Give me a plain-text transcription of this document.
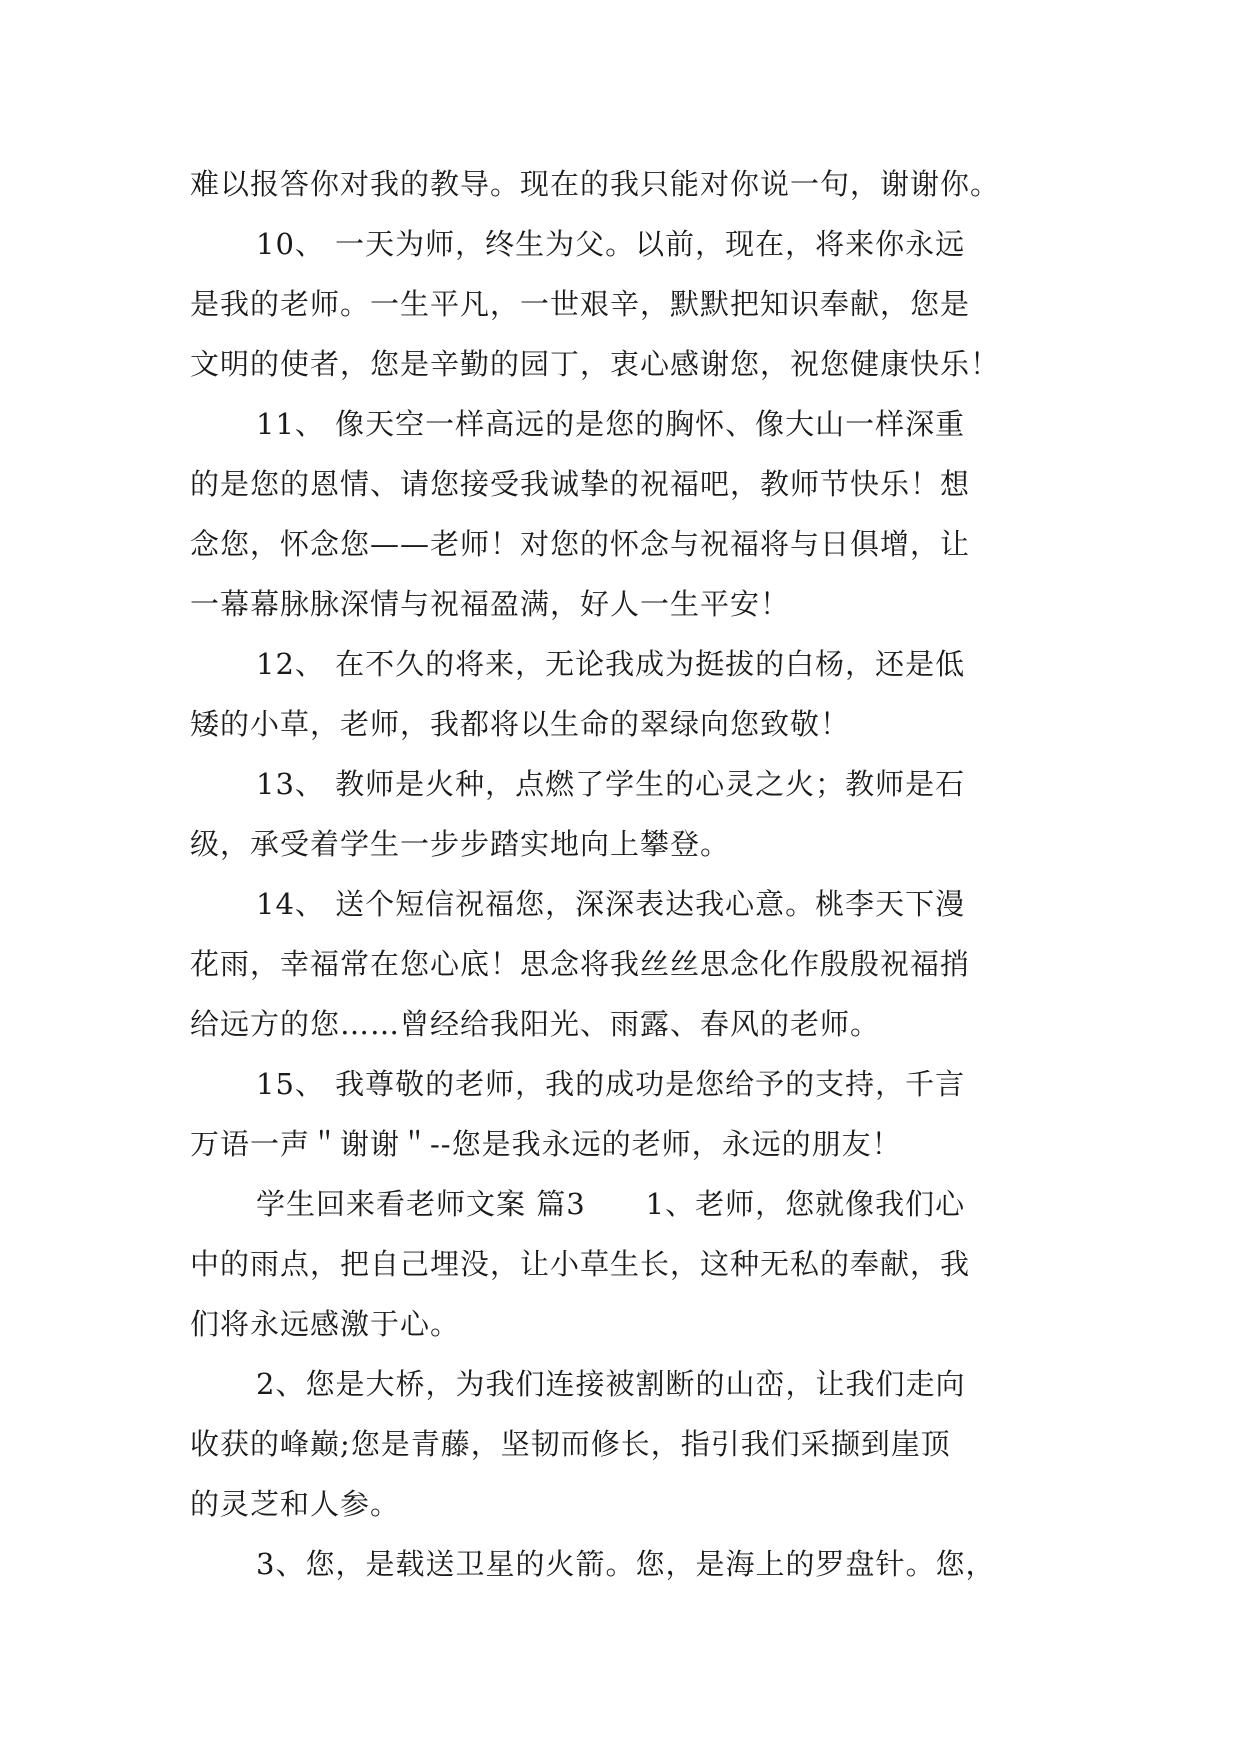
难以报答你对我的教导。现在的我只能对你说一句，谢谢你。
10、 一天为师，终生为父。以前，现在，将来你永远
是我的老师。一生平凡，一世艰辛，默默把知识奉献，您是
文明的使者，您是辛勤的园丁，衷心感谢您，祝您健康快乐！
11、 像天空一样高远的是您的胸怀、像大山一样深重
的是您的恩情、请您接受我诚挚的祝福吧，教师节快乐！想
念您，怀念您——老师！对您的怀念与祝福将与日俱增，让
一幕幕脉脉深情与祝福盈满，好人一生平安！
12、 在不久的将来，无论我成为挺拔的白杨，还是低
矮的小草，老师，我都将以生命的翠绿向您致敬！
13、 教师是火种，点燃了学生的心灵之火；教师是石
级，承受着学生一步步踏实地向上攀登。
14、 送个短信祝福您，深深表达我心意。桃李天下漫
花雨，幸福常在您心底！思念将我丝丝思念化作殷殷祝福捎
给远方的您……曾经给我阳光、雨露、春风的老师。
15、 我尊敬的老师，我的成功是您给予的支持，千言
万语一声＂谢谢＂--您是我永远的老师，永远的朋友！
学生回来看老师文案 篇3　　1、老师，您就像我们心
中的雨点，把自己埋没，让小草生长，这种无私的奉献，我
们将永远感激于心。
2、您是大桥，为我们连接被割断的山峦，让我们走向
收获的峰巅;您是青藤，坚韧而修长，指引我们采撷到崖顶
的灵芝和人参。
3、您，是载送卫星的火箭。您，是海上的罗盘针。您，
